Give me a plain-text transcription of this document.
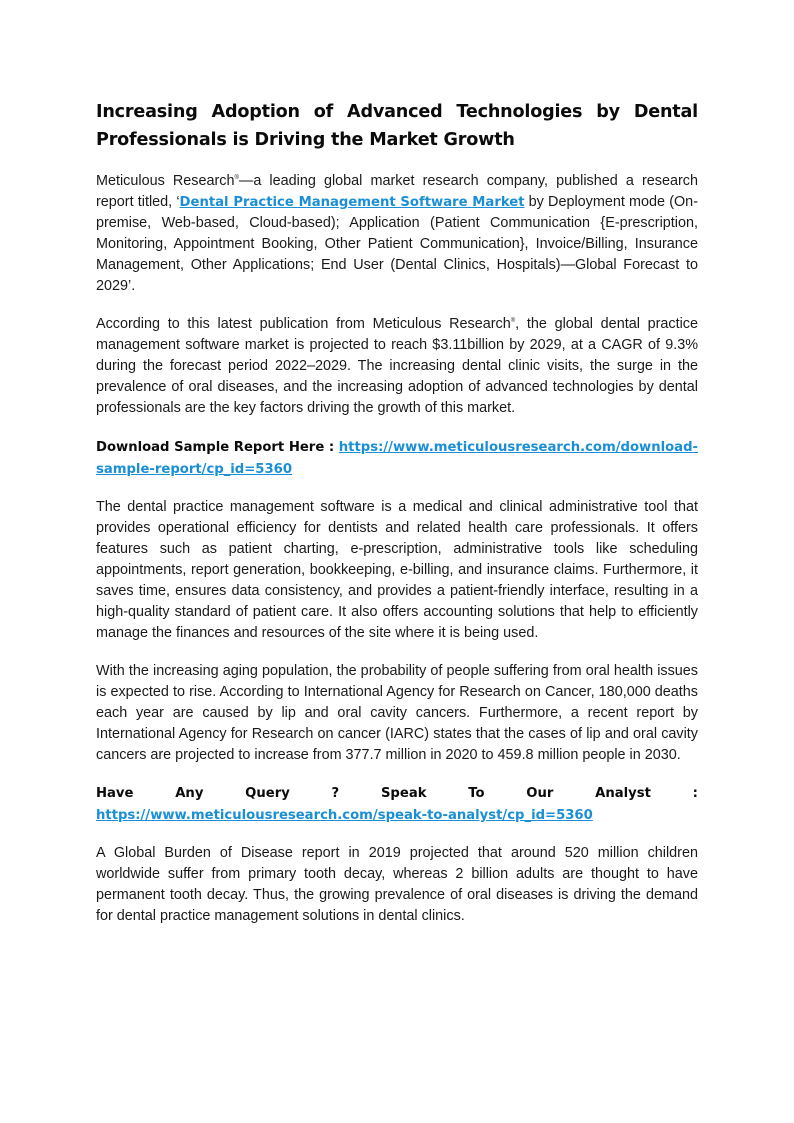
Increasing Adoption of Advanced Technologies by Dental Professionals is Driving the Market Growth

Meticulous Research®—a leading global market research company, published a research report titled, ‘Dental Practice Management Software Market by Deployment mode (On-premise, Web-based, Cloud-based); Application (Patient Communication {E-prescription, Monitoring, Appointment Booking, Other Patient Communication}, Invoice/Billing, Insurance Management, Other Applications; End User (Dental Clinics, Hospitals)—Global Forecast to 2029’.

According to this latest publication from Meticulous Research®, the global dental practice management software market is projected to reach $3.11billion by 2029, at a CAGR of 9.3% during the forecast period 2022–2029. The increasing dental clinic visits, the surge in the prevalence of oral diseases, and the increasing adoption of advanced technologies by dental professionals are the key factors driving the growth of this market.

Download Sample Report Here : https://www.meticulousresearch.com/download-sample-report/cp_id=5360

The dental practice management software is a medical and clinical administrative tool that provides operational efficiency for dentists and related health care professionals. It offers features such as patient charting, e-prescription, administrative tools like scheduling appointments, report generation, bookkeeping, e-billing, and insurance claims. Furthermore, it saves time, ensures data consistency, and provides a patient-friendly interface, resulting in a high-quality standard of patient care. It also offers accounting solutions that help to efficiently manage the finances and resources of the site where it is being used.

With the increasing aging population, the probability of people suffering from oral health issues is expected to rise. According to International Agency for Research on Cancer, 180,000 deaths each year are caused by lip and oral cavity cancers. Furthermore, a recent report by International Agency for Research on cancer (IARC) states that the cases of lip and oral cavity cancers are projected to increase from 377.7 million in 2020 to 459.8 million people in 2030.

Have	Any	Query	?	Speak	To	Our	Analyst	:
https://www.meticulousresearch.com/speak-to-analyst/cp_id=5360

A Global Burden of Disease report in 2019 projected that around 520 million children worldwide suffer from primary tooth decay, whereas 2 billion adults are thought to have permanent tooth decay. Thus, the growing prevalence of oral diseases is driving the demand for dental practice management solutions in dental clinics.
